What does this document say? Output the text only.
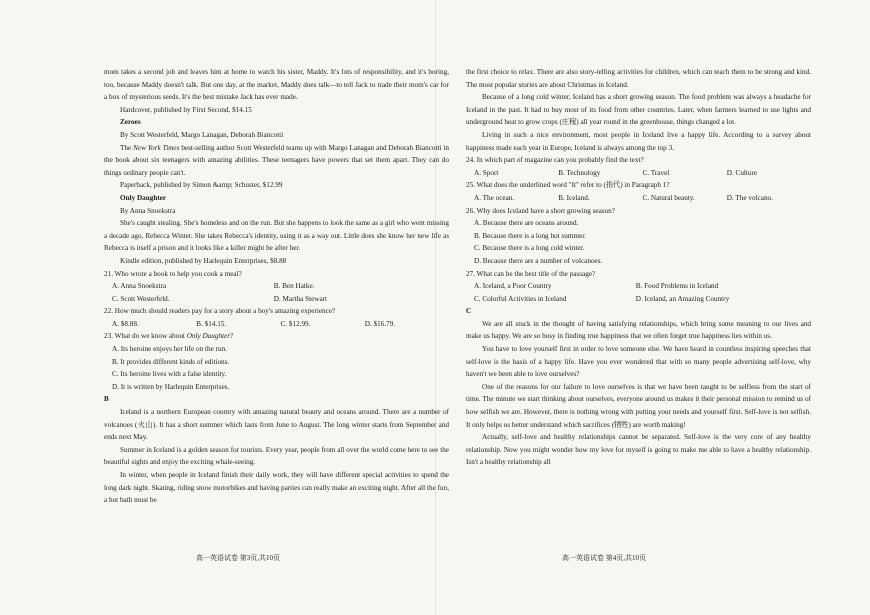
mom takes a second job and leaves him at home to watch his sister, Maddy. It's lots of responsibility, and it's boring, too, because Maddy doesn't talk. But one day, at the market, Maddy does talk—to tell Jack to trade their mom's car for a box of mysterious seeds. It's the best mistake Jack has ever made.

Hardcover, published by First Second, $14.15

Zeroes

By Scott Westerfeld, Margo Lanagan, Deborah Biancotti

The New York Times best-selling author Scott Westerfeld teams up with Margo Lanagan and Deborah Biancotti in the book about six teenagers with amazing abilities. These teenagers have powers that set them apart. They can do things ordinary people can't.

Paperback, published by Simon &amp; Schuster, $12.99

Only Daughter

By Anna Snoekstra

She's caught stealing. She's homeless and on the run. But she happens to look the same as a girl who went missing a decade ago, Rebecca Winter. She takes Rebecca's identity, using it as a way out. Little does she know her new life as Rebecca is itself a prison and it looks like a killer might be after her.

Kindle edition, published by Harlequin Enterprises, $8.88

21. Who wrote a book to help you cook a meal?

A. Anna Snoekstra	B. Ben Hatke.
C. Scott Westerfeld.	D. Martha Stewart

22. How much should readers pay for a story about a boy's amazing experience?

A. $8.88.	B. $14.15.	C. $12.99.	D. $16.79.

23. What do we know about Only Daughter?

A. Its heroine enjoys her life on the run.

B. It provides different kinds of editions.

C. Its heroine lives with a false identity.

D. It is written by Harlequin Enterprises.

B

Iceland is a northern European country with amazing natural beauty and oceans around. There are a number of volcanoes (火山). It has a short summer which lasts from June to August. The long winter starts from September and ends next May.

Summer in Iceland is a golden season for tourists. Every year, people from all over the world come here to see the beautiful sights and enjoy the exciting whale-seeing.

In winter, when people in Iceland finish their daily work, they will have different special activities to spend the long dark night. Skating, riding snow motorbikes and having parties can really make an exciting night. After all the fun, a hot bath must be

高一英语试卷 第3页,共10页

the first choice to relax. There are also story-telling activities for children, which can teach them to be strong and kind. The most popular stories are about Christmas in Iceland.

Because of a long cold winter, Iceland has a short growing season. The food problem was always a headache for Iceland in the past. It had to buy most of its food from other countries. Later, when farmers learned to use lights and underground heat to grow crops (庄稼) all year round in the greenhouse, things changed a lot.

Living in such a nice environment, most people in Iceland live a happy life. According to a survey about happiness made each year in Europe, Iceland is always among the top 3.

24. In which part of magazine can you probably find the text?

A. Sport	B. Technology	C. Travel	D. Culture

25. What does the underlined word "It" refer to (指代) in Paragraph 1?

A. The ocean.	B. Iceland.	C. Natural beauty.	D. The volcano.

26. Why does Iceland have a short growing season?

A. Because there are oceans around.

B. Because there is a long hot summer.

C. Because there is a long cold winter.

D. Because there are a number of volcanoes.

27. What can be the best title of the passage?

A. Iceland, a Poor Country	B. Food Problems in Iceland
C. Colorful Activities in Iceland	D. Iceland, an Amazing Country

C

We are all stuck in the thought of having satisfying relationships, which bring some meaning to our lives and make us happy. We are so busy in finding true happiness that we often forget true happiness lies within us.

You have to love yourself first in order to love someone else. We have heard in countless inspiring speeches that self-love is the basis of a happy life. Have you ever wondered that with so many people advertising self-love, why haven't we been able to love ourselves?

One of the reasons for our failure to love ourselves is that we have been taught to be selfless from the start of time. The minute we start thinking about ourselves, everyone around us makes it their personal mission to remind us of how selfish we are. However, there is nothing wrong with putting your needs and yourself first. Self-love is not selfish. It only helps us better understand which sacrifices (牺牲) are worth making!

Actually, self-love and healthy relationships cannot be separated. Self-love is the very core of any healthy relationship. Now you might wonder how my love for myself is going to make me able to have a healthy relationship. Isn't a healthy relationship all

高一英语试卷 第4页,共10页
